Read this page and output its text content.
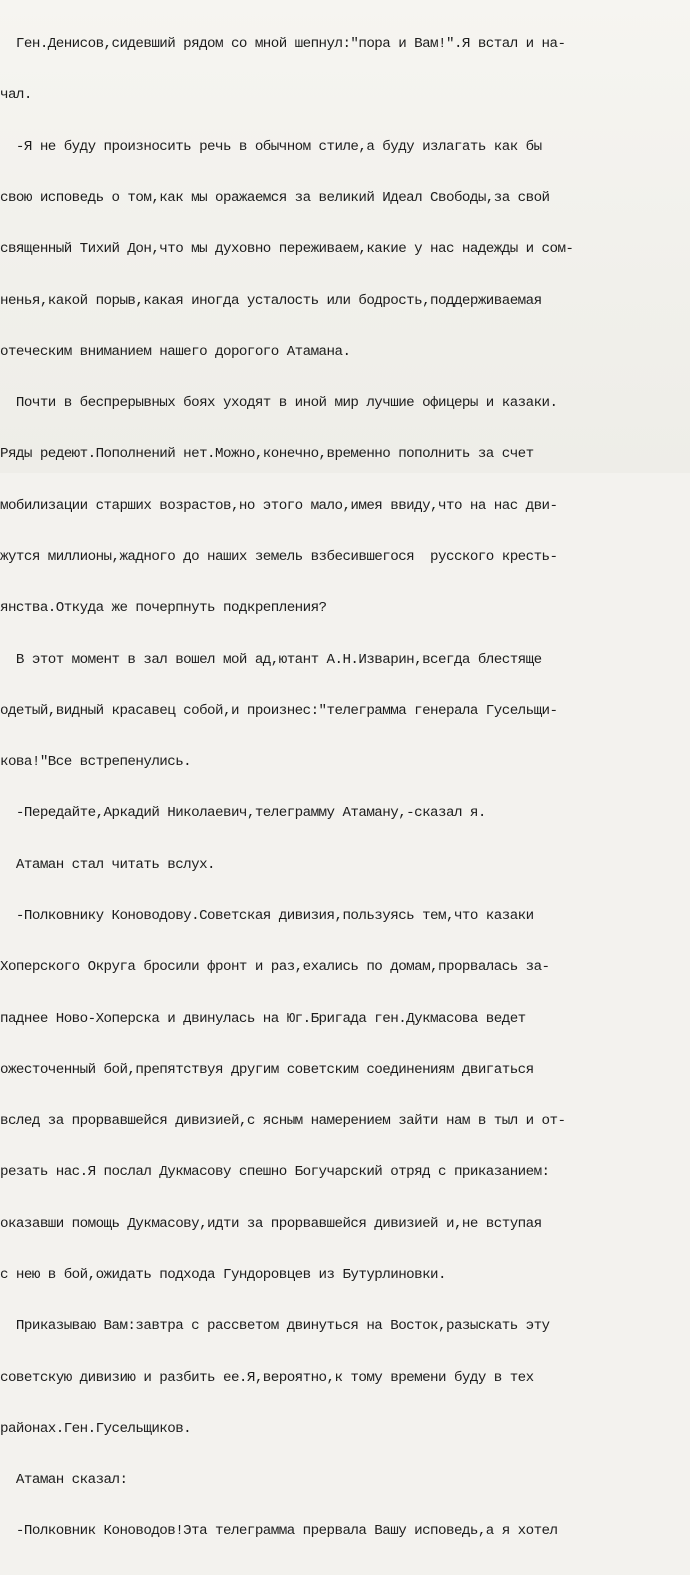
Ген.Денисов,сидевший рядом со мной шепнул:"пора и Вам!".Я встал и на-

чал.

-Я не буду произносить речь в обычном стиле,а буду излагать как бы

свою исповедь о том,как мы оражаемся за великий Идеал Свободы,за свой

священный Тихий Дон,что мы духовно переживаем,какие у нас надежды и сом-

ненья,какой порыв,какая иногда усталость или бодрость,поддерживаемая

отеческим вниманием нашего дорогого Атамана.

Почти в беспрерывных боях уходят в иной мир лучшие офицеры и казаки.

Ряды редеют.Пополнений нет.Можно,конечно,временно пополнить за счет

мобилизации старших возрастов,но этого мало,имея ввиду,что на нас дви-

жутся миллионы,жадного до наших земель взбесившегося  русского кресть-

янства.Откуда же почерпнуть подкрепления?

В этот момент в зал вошел мой ад,ютант А.Н.Изварин,всегда блестяще

одетый,видный красавец собой,и произнес:"телеграмма генерала Гусельщи-

кова!"Все встрепенулись.

-Передайте,Аркадий Николаевич,телеграмму Атаману,-сказал я.

Атаман стал читать вслух.

-Полковнику Коноводову.Советская дивизия,пользуясь тем,что казаки

Хоперского Округа бросили фронт и раз,ехались по домам,прорвалась за-

паднее Ново-Хоперска и двинулась на Юг.Бригада ген.Дукмасова ведет

ожесточенный бой,препятствуя другим советским соединениям двигаться

вслед за прорвавшейся дивизией,с ясным намерением зайти нам в тыл и от-

резать нас.Я послал Дукмасову спешно Богучарский отряд с приказанием:

оказавши помощь Дукмасову,идти за прорвавшейся дивизией и,не вступая

с нею в бой,ожидать подхода Гундоровцев из Бутурлиновки.

Приказываю Вам:завтра с рассветом двинуться на Восток,разыскать эту

советскую дивизию и разбить ее.Я,вероятно,к тому времени буду в тех

районах.Ген.Гусельщиков.

Атаман сказал:

-Полковник Коноводов!Эта телеграмма прервала Вашу исповедь,а я хотел
